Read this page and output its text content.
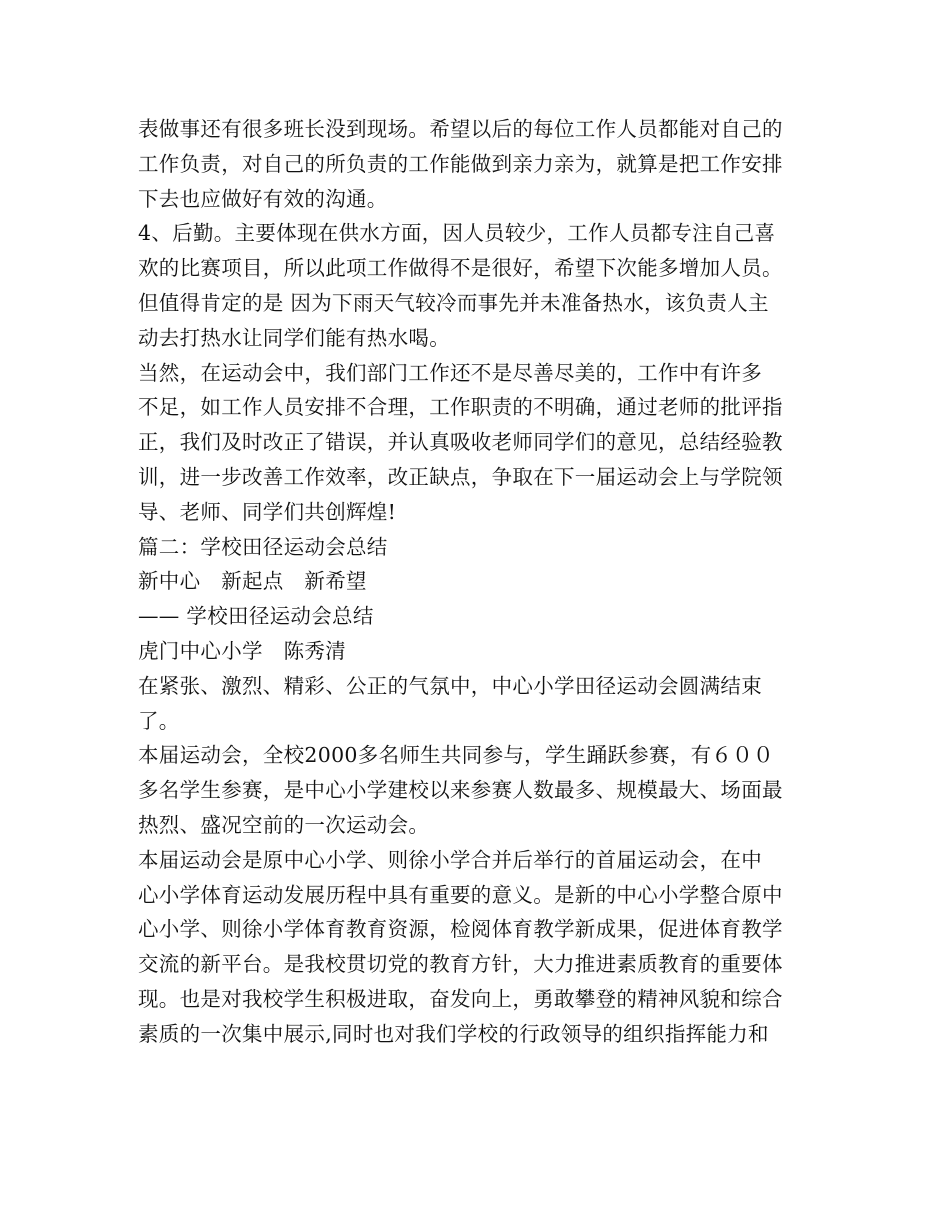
表做事还有很多班长没到现场。希望以后的每位工作人员都能对自己的
工作负责，对自己的所负责的工作能做到亲力亲为，就算是把工作安排
下去也应做好有效的沟通。
4、后勤。主要体现在供水方面，因人员较少，工作人员都专注自己喜
欢的比赛项目，所以此项工作做得不是很好，希望下次能多增加人员。
但值得肯定的是 因为下雨天气较冷而事先并未准备热水，该负责人主
动去打热水让同学们能有热水喝。
当然，在运动会中，我们部门工作还不是尽善尽美的，工作中有许多
不足，如工作人员安排不合理，工作职责的不明确，通过老师的批评指
正，我们及时改正了错误，并认真吸收老师同学们的意见，总结经验教
训，进一步改善工作效率，改正缺点，争取在下一届运动会上与学院领
导、老师、同学们共创辉煌!
篇二：学校田径运动会总结
新中心　新起点　新希望
—— 学校田径运动会总结
虎门中心小学　陈秀清
在紧张、激烈、精彩、公正的气氛中，中心小学田径运动会圆满结束
了。
本届运动会，全校2000多名师生共同参与，学生踊跃参赛，有６００
多名学生参赛，是中心小学建校以来参赛人数最多、规模最大、场面最
热烈、盛况空前的一次运动会。
本届运动会是原中心小学、则徐小学合并后举行的首届运动会，在中
心小学体育运动发展历程中具有重要的意义。是新的中心小学整合原中
心小学、则徐小学体育教育资源，检阅体育教学新成果，促进体育教学
交流的新平台。是我校贯切党的教育方针，大力推进素质教育的重要体
现。也是对我校学生积极进取，奋发向上，勇敢攀登的精神风貌和综合
素质的一次集中展示,同时也对我们学校的行政领导的组织指挥能力和
